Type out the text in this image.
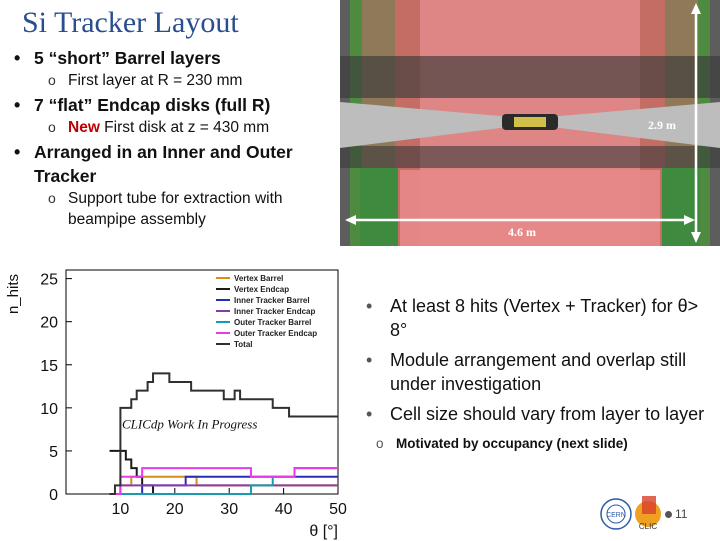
Si Tracker Layout
• 5 “short” Barrel layers
o First layer at R = 230 mm
• 7 “flat” Endcap disks (full R)
o New First disk at z = 430 mm
• Arranged in an Inner and Outer Tracker
o Support tube for extraction with beampipe assembly
2.9 m
4.6 m
0
5
10
15
20
25
10 20 30 40 50
θ [°]
n_hits	Vertex Barrel
Vertex Endcap
Inner Tracker Barrel
Inner Tracker Endcap
Outer Tracker Barrel
Outer Tracker Endcap
Total
CLICdp Work In Progress
• At least 8 hits (Vertex + Tracker) for θ> 8°
• Module arrangement and overlap still under investigation
• Cell size should vary from layer to layer
o Motivated by occupancy (next slide)
CERN
CLIC
11
